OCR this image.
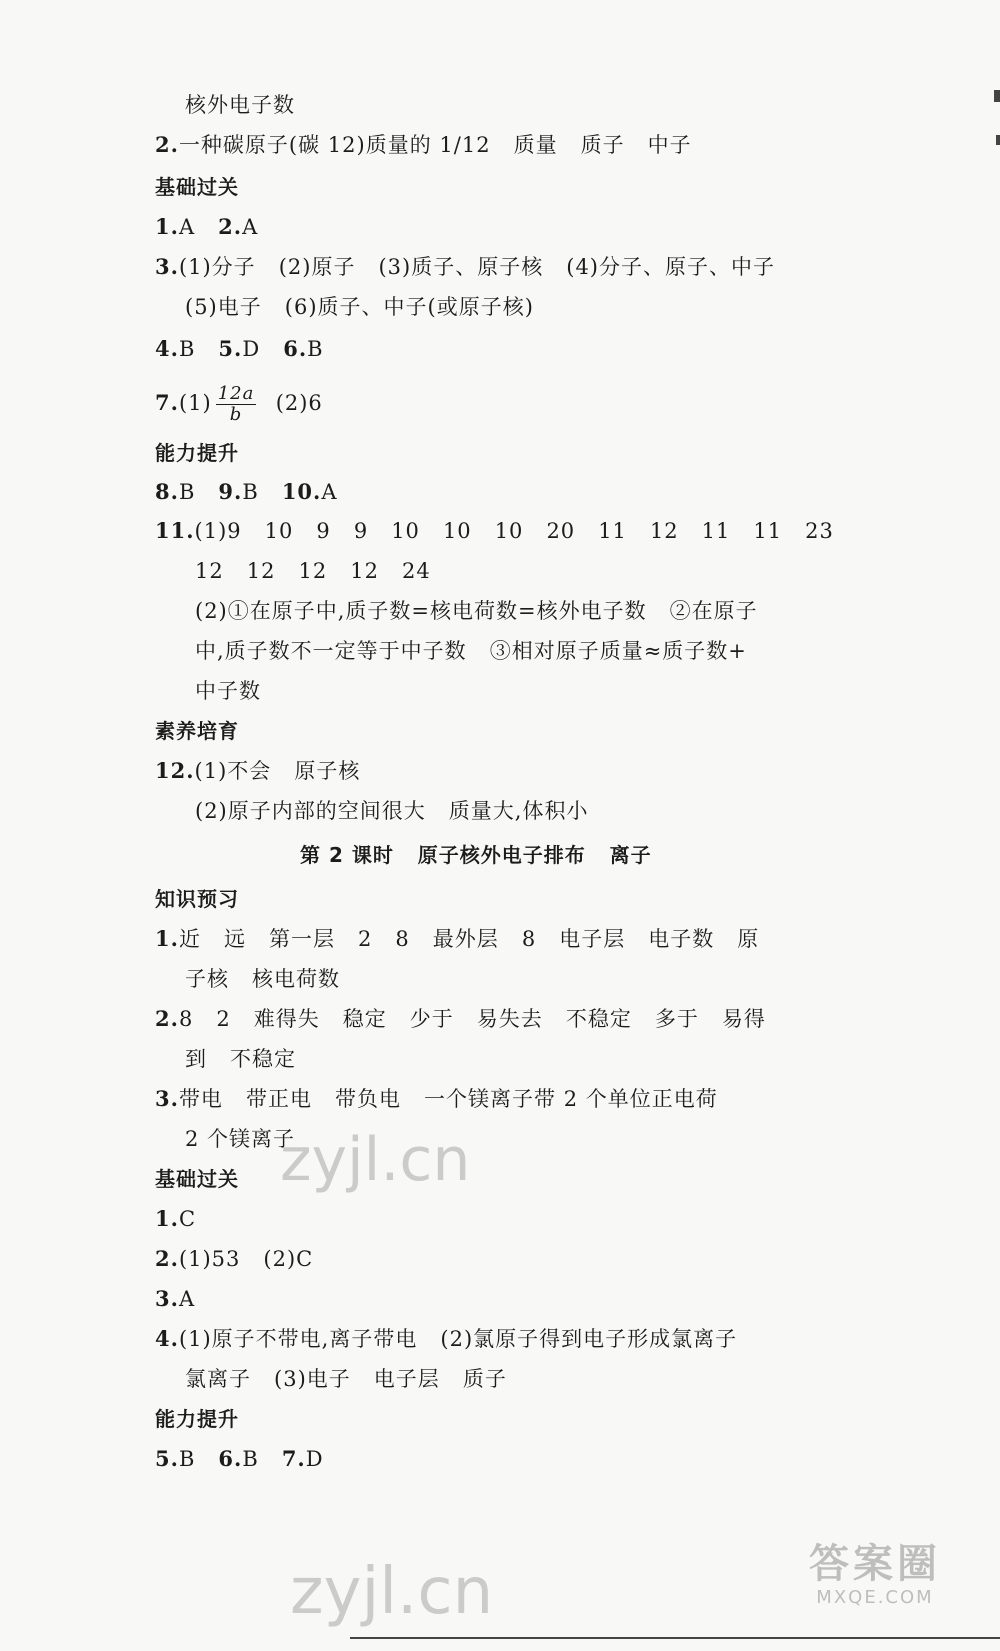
核外电子数
2.一种碳原子(碳 12)质量的 1/12   质量   质子   中子
基础过关
1.A 2.A
3.(1)分子   (2)原子   (3)质子、原子核   (4)分子、原子、中子
(5)电子   (6)质子、中子(或原子核)
4.B 5.D 6.B
$7.(1) \frac{12a}{b} (2)6$
能力提升
8.B 9.B 10.A
11.(1)9   10   9   9   10   10   10   20   11   12   11   11   23
12   12   12   12   24
(2)①在原子中,质子数=核电荷数=核外电子数   ②在原子
中,质子数不一定等于中子数   ③相对原子质量≈质子数+
中子数
素养培育
12.(1)不会   原子核
(2)原子内部的空间很大   质量大,体积小
第 2 课时   原子核外电子排布   离子
知识预习
1.近   远   第一层   2   8   最外层   8   电子层   电子数   原
子核   核电荷数
2.8   2   难得失   稳定   少于   易失去   不稳定   多于   易得
到   不稳定
3.带电   带正电   带负电   一个镁离子带 2 个单位正电荷
2 个镁离子
基础过关
1.C
2.(1)53   (2)C
3.A
4.(1)原子不带电,离子带电   (2)氯原子得到电子形成氯离子
氯离子   (3)电子   电子层   质子
能力提升
5.B 6.B 7.D
zyjl.cn
zyjl.cn	答案圈
MXQE.COM
